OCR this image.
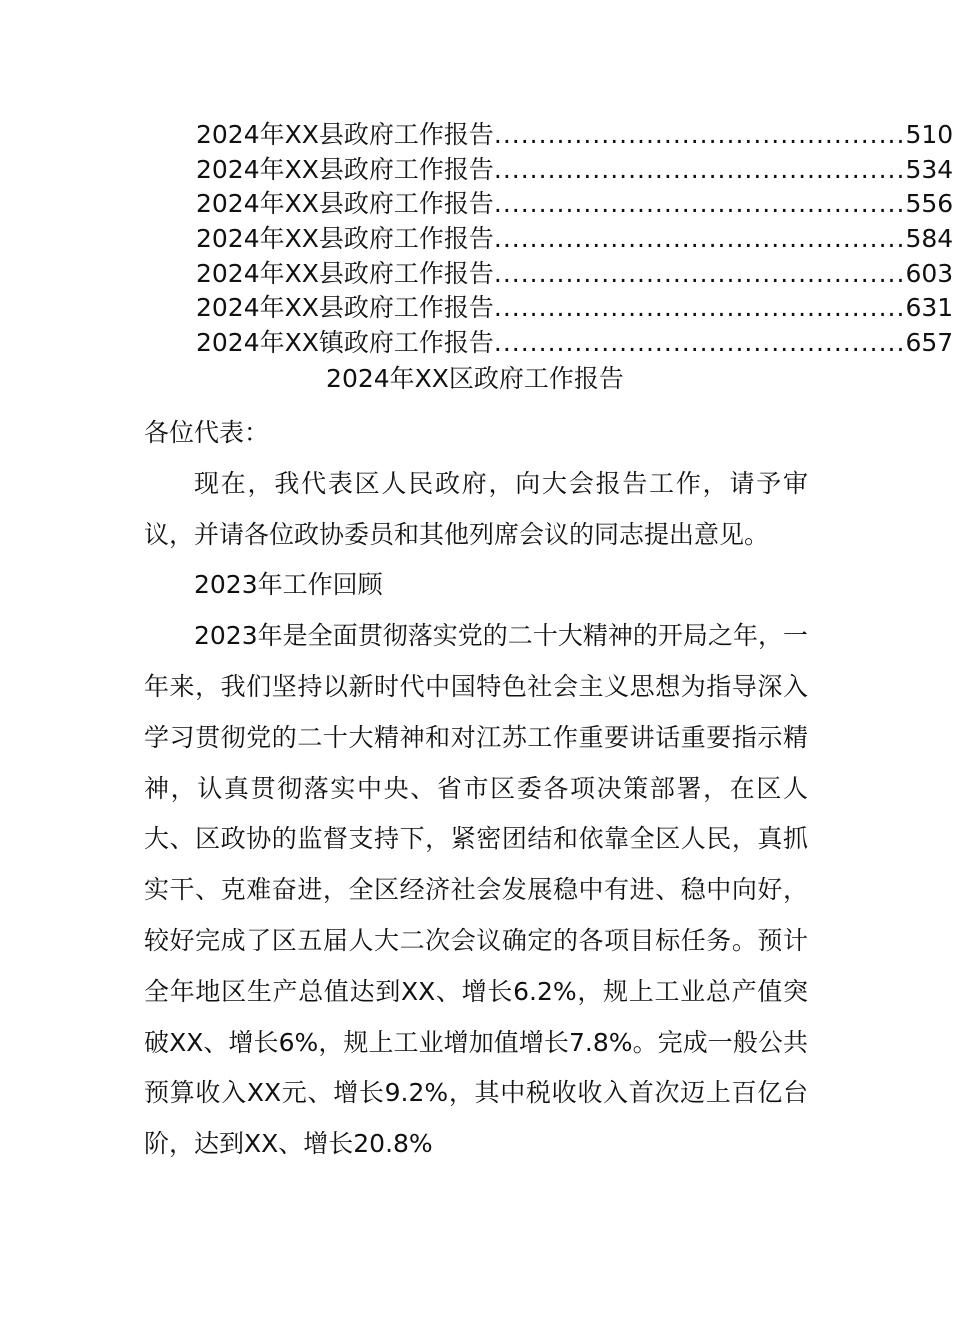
2024年XX县政府工作报告 .............................................. 510
2024年XX县政府工作报告 .............................................. 534
2024年XX县政府工作报告 .............................................. 556
2024年XX县政府工作报告 .............................................. 584
2024年XX县政府工作报告 .............................................. 603
2024年XX县政府工作报告 .............................................. 631
2024年XX镇政府工作报告 .............................................. 657
2024年XX区政府工作报告

各位代表：

现在，我代表区人民政府，向大会报告工作，请予审议，并请各位政协委员和其他列席会议的同志提出意见。

2023年工作回顾

2023年是全面贯彻落实党的二十大精神的开局之年，一年来，我们坚持以新时代中国特色社会主义思想为指导深入学习贯彻党的二十大精神和对江苏工作重要讲话重要指示精神，认真贯彻落实中央、省市区委各项决策部署，在区人大、区政协的监督支持下，紧密团结和依靠全区人民，真抓实干、克难奋进，全区经济社会发展稳中有进、稳中向好，较好完成了区五届人大二次会议确定的各项目标任务。预计全年地区生产总值达到XX、增长6.2%，规上工业总产值突破XX、增长6%，规上工业增加值增长7.8%。完成一般公共预算收入XX元、增长9.2%，其中税收收入首次迈上百亿台阶，达到XX、增长20.8%
